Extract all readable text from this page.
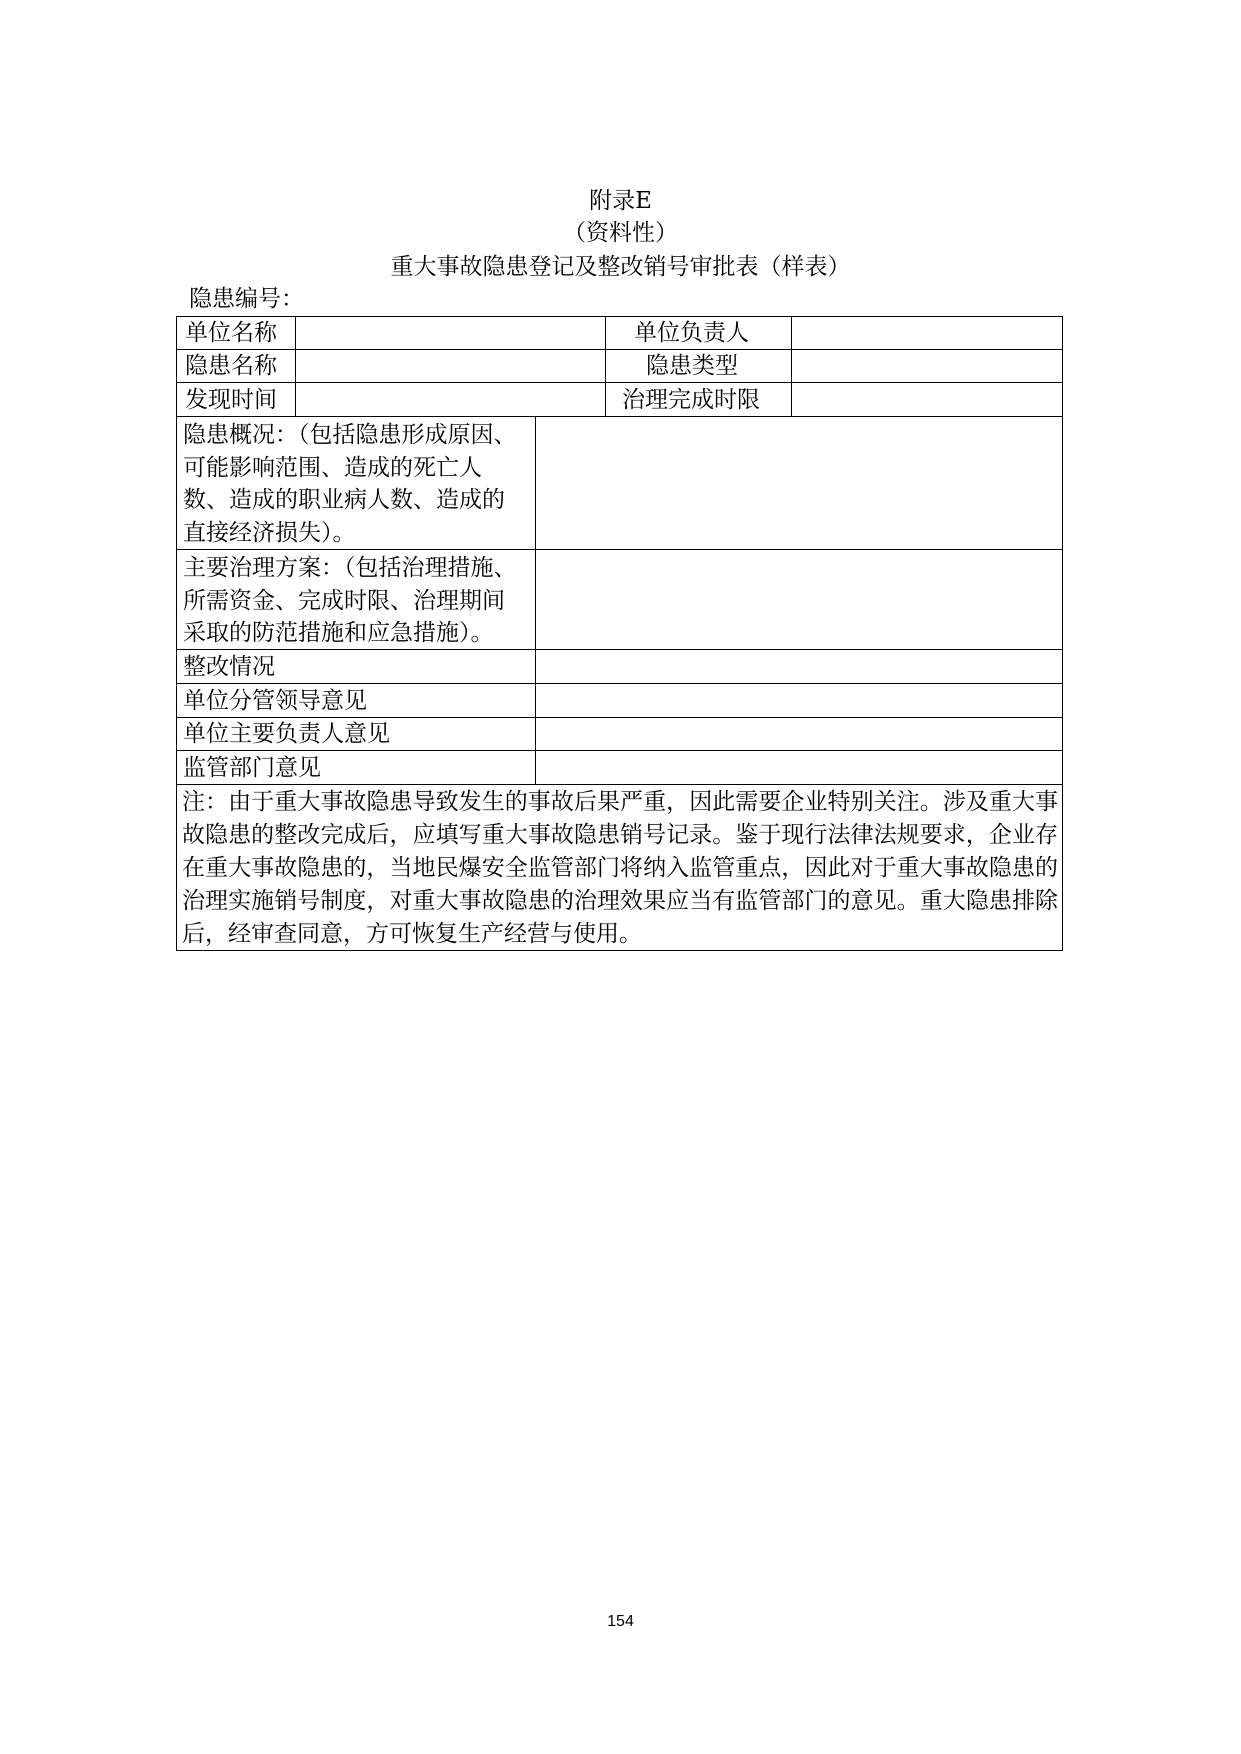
附录E
（资料性）
重大事故隐患登记及整改销号审批表（样表）
隐患编号：
单位名称	单位负责人
隐患名称	隐患类型
发现时间	治理完成时限
隐患概况：（包括隐患形成原因、
可能影响范围、造成的死亡人
数、造成的职业病人数、造成的
直接经济损失）。
主要治理方案：（包括治理措施、
所需资金、完成时限、治理期间
采取的防范措施和应急措施）。
整改情况
单位分管领导意见
单位主要负责人意见
监管部门意见
注：由于重大事故隐患导致发生的事故后果严重，因此需要企业特别关注。涉及重大事故隐患的整改完成后，应填写重大事故隐患销号记录。鉴于现行法律法规要求，企业存在重大事故隐患的，当地民爆安全监管部门将纳入监管重点，因此对于重大事故隐患的治理实施销号制度，对重大事故隐患的治理效果应当有监管部门的意见。重大隐患排除后，经审查同意，方可恢复生产经营与使用。
154
